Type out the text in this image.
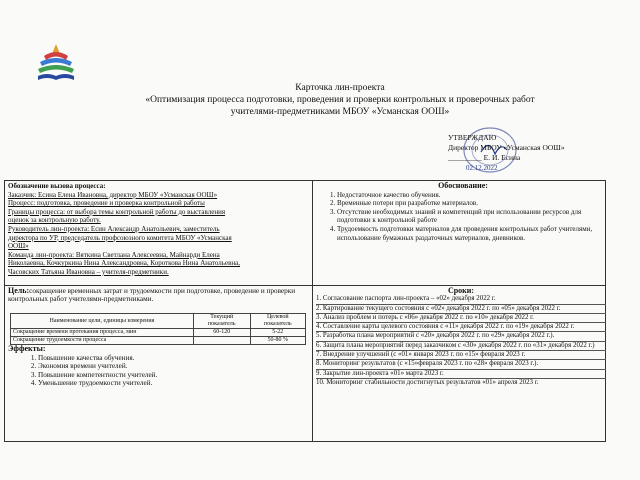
Карточка лин-проекта
«Оптимизация процесса подготовки, проведения и проверки контрольных и проверочных работ
учителями-предметниками МБОУ «Усманская ООШ»
УТВЕРЖДАЮ
Директор МБОУ «Усманская ООШ»
_________ Е. И. Есина
02.12.2022
Обозначение вызова процесса:
Заказчик: Есина Елена Ивановна, директор МБОУ «Усманская ООШ»
Процесс: подготовка, проведение и проверка контрольной работы
Границы процесса: от выбора темы контрольной работы до выставления
оценок за контрольную работу.
Руководитель лин-проекта: Есин Александр Анатольевич, заместитель
директора по УР, председатель профсоюзного комитета МБОУ «Усманская
ООШ»
Команда лин-проекта: Вяткина Светлана Алексеевна, Майнарди Елена
Николаевна, Кочкуркина Нина Александровна, Короткова Нина Анатольевна,
Часовских Татьяна Ивановна – учителя-предметники.
Обоснование:
1. Недостаточное качество обучения.
2. Временные потери при разработке материалов.
3. Отсутствие необходимых знаний и компетенций при использовании ресурсов для подготовки к контрольной работе
4. Трудоемкость подготовки материалов для проведения контрольных работ учителями, использование бумажных раздаточных материалов, дневников.
Цель:сокращение временных затрат и трудоемкости при подготовке, проведение и проверки контрольных работ учителями-предметниками.
Наименование цели, единицы измерения	Текущий показатель	Целевой показатель
Сокращение времени протекания процесса, мин	60-120	5-22
Сокращение трудоемкости процесса		50-80 %
Эффекты:
1. Повышение качества обучения.
2. Экономия времени учителей.
3. Повышение компетентности учителей.
4. Уменьшение трудоемкости учителей.
Сроки:
1. Согласование паспорта лин-проекта – «02» декабря 2022 г.
2. Картирование текущего состояния с «02» декабря 2022 г. по «05» декабря 2022 г.
3. Анализ проблем и потерь с «06» декабря 2022 г. по «10» декабря 2022 г.
4. Составление карты целевого состояния с «11» декабря 2022 г. по «19» декабря 2022 г.
5. Разработка плана мероприятий с «20» декабря 2022 г. по «29» декабря 2022 г.).
6. Защита плана мероприятий перед заказчиком с «30» декабря 2022 г. по «31» декабря 2022 г.)
7. Внедрение улучшений (с «01» января 2023 г. по «15» февраля 2023 г.
8. Мониторинг результатов (с «15»февраля 2023 г. по «28» февраля 2023 г.).
9. Закрытие лин-проекта «01» марта 2023 г.
10. Мониторинг стабильности достигнутых результатов «01» апреля 2023 г.
